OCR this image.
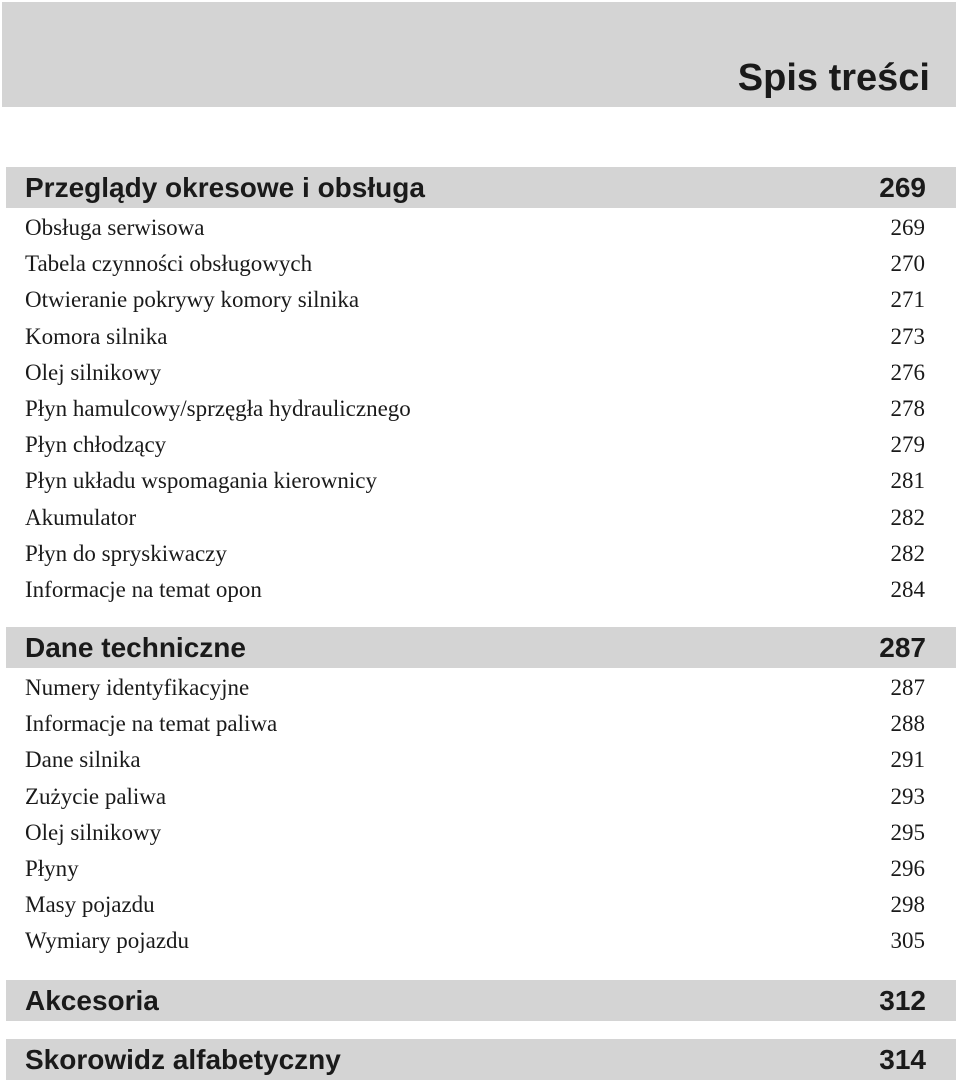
Spis treści
Przeglądy okresowe i obsługa	269
Obsługa serwisowa	269
Tabela czynności obsługowych	270
Otwieranie pokrywy komory silnika	271
Komora silnika	273
Olej silnikowy	276
Płyn hamulcowy/sprzęgła hydraulicznego	278
Płyn chłodzący	279
Płyn układu wspomagania kierownicy	281
Akumulator	282
Płyn do spryskiwaczy	282
Informacje na temat opon	284
Dane techniczne	287
Numery identyfikacyjne	287
Informacje na temat paliwa	288
Dane silnika	291
Zużycie paliwa	293
Olej silnikowy	295
Płyny	296
Masy pojazdu	298
Wymiary pojazdu	305
Akcesoria	312
Skorowidz alfabetyczny	314
